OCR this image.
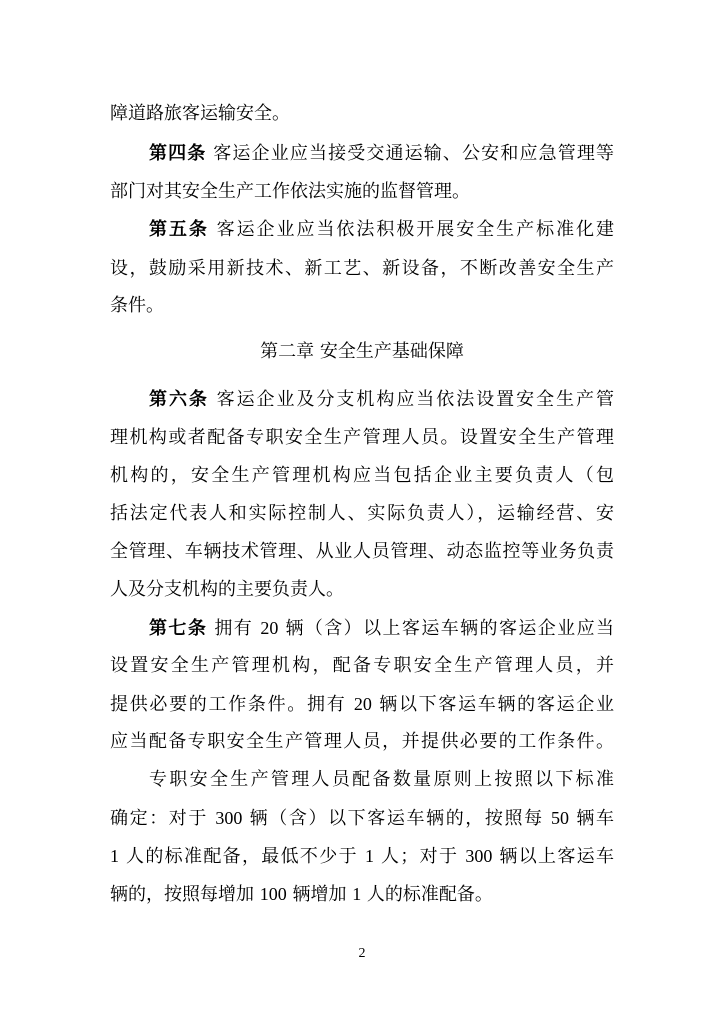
障道路旅客运输安全。
第四条 客运企业应当接受交通运输、公安和应急管理等
部门对其安全生产工作依法实施的监督管理。
第五条 客运企业应当依法积极开展安全生产标准化建
设，鼓励采用新技术、新工艺、新设备，不断改善安全生产
条件。
第二章 安全生产基础保障
第六条 客运企业及分支机构应当依法设置安全生产管
理机构或者配备专职安全生产管理人员。设置安全生产管理
机构的，安全生产管理机构应当包括企业主要负责人（包
括法定代表人和实际控制人、实际负责人），运输经营、安
全管理、车辆技术管理、从业人员管理、动态监控等业务负责
人及分支机构的主要负责人。
第七条 拥有 20 辆（含）以上客运车辆的客运企业应当
设置安全生产管理机构，配备专职安全生产管理人员，并
提供必要的工作条件。拥有 20 辆以下客运车辆的客运企业
应当配备专职安全生产管理人员，并提供必要的工作条件。
专职安全生产管理人员配备数量原则上按照以下标准
确定：对于 300 辆（含）以下客运车辆的，按照每 50 辆车
1 人的标准配备，最低不少于 1 人；对于 300 辆以上客运车
辆的，按照每增加 100 辆增加 1 人的标准配备。
2
